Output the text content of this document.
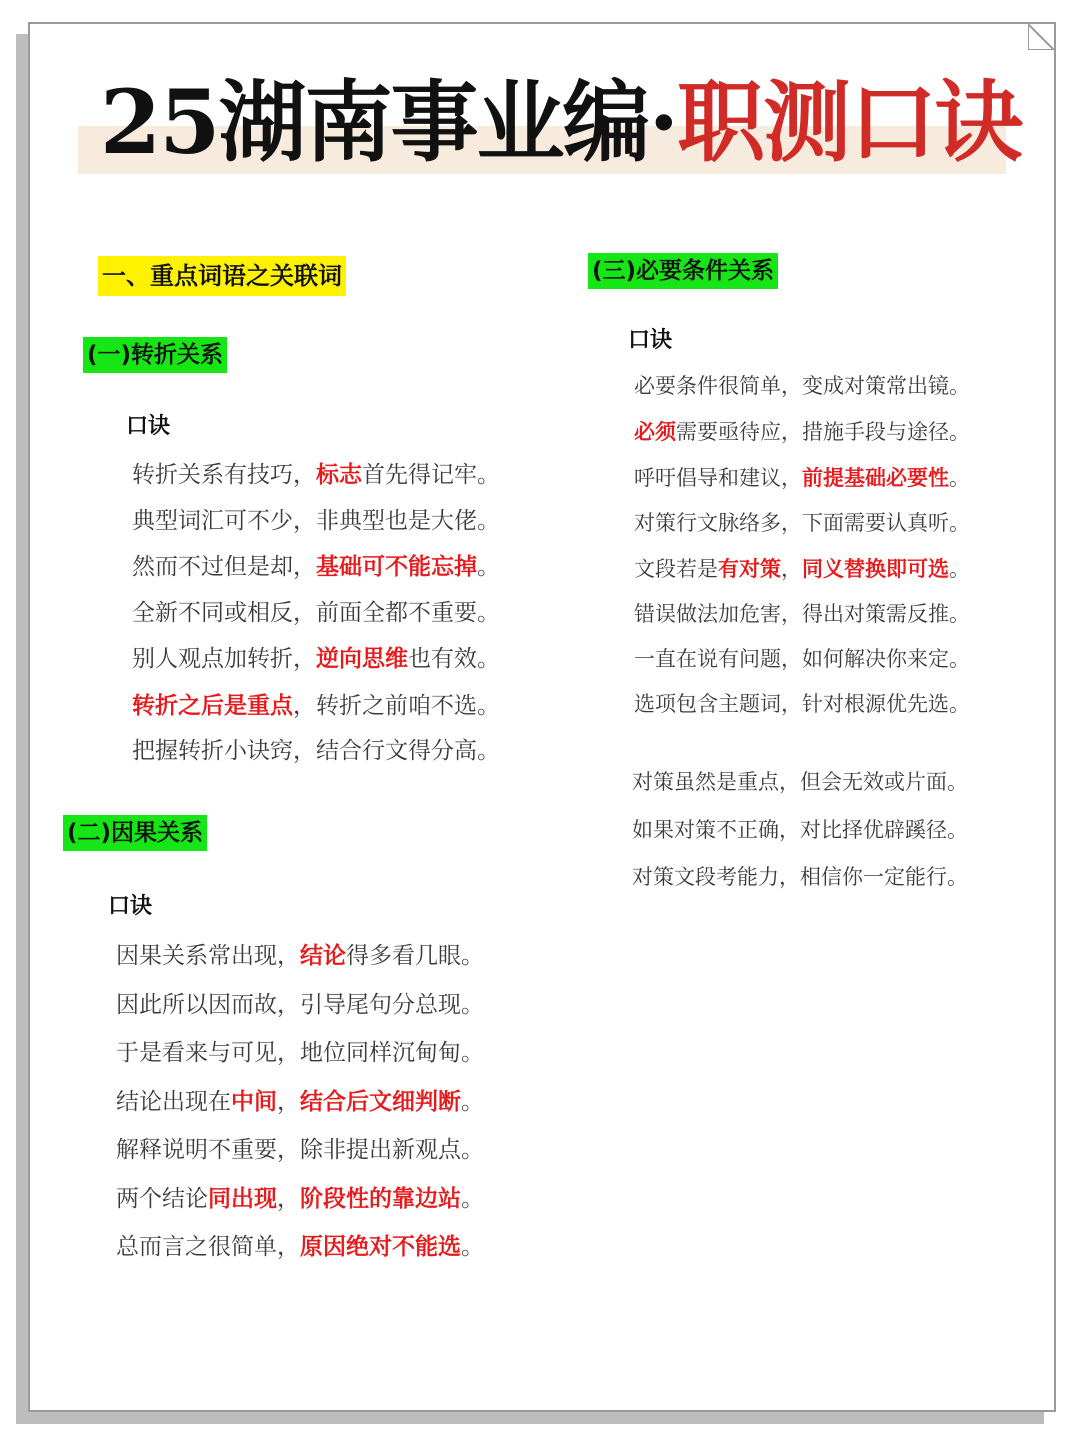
25湖南事业编·职测口诀
一、重点词语之关联词
(一)转折关系
口诀
转折关系有技巧，标志首先得记牢。
典型词汇可不少，非典型也是大佬。
然而不过但是却，基础可不能忘掉。
全新不同或相反，前面全都不重要。
别人观点加转折，逆向思维也有效。
转折之后是重点，转折之前咱不选。
把握转折小诀窍，结合行文得分高。
(二)因果关系
口诀
因果关系常出现，结论得多看几眼。
因此所以因而故，引导尾句分总现。
于是看来与可见，地位同样沉甸甸。
结论出现在中间，结合后文细判断。
解释说明不重要，除非提出新观点。
两个结论同出现，阶段性的靠边站。
总而言之很简单，原因绝对不能选。
(三)必要条件关系
口诀
必要条件很简单，变成对策常出镜。
必须需要亟待应，措施手段与途径。
呼吁倡导和建议，前提基础必要性。
对策行文脉络多，下面需要认真听。
文段若是有对策，同义替换即可选。
错误做法加危害，得出对策需反推。
一直在说有问题，如何解决你来定。
选项包含主题词，针对根源优先选。
对策虽然是重点，但会无效或片面。
如果对策不正确，对比择优辟蹊径。
对策文段考能力，相信你一定能行。
